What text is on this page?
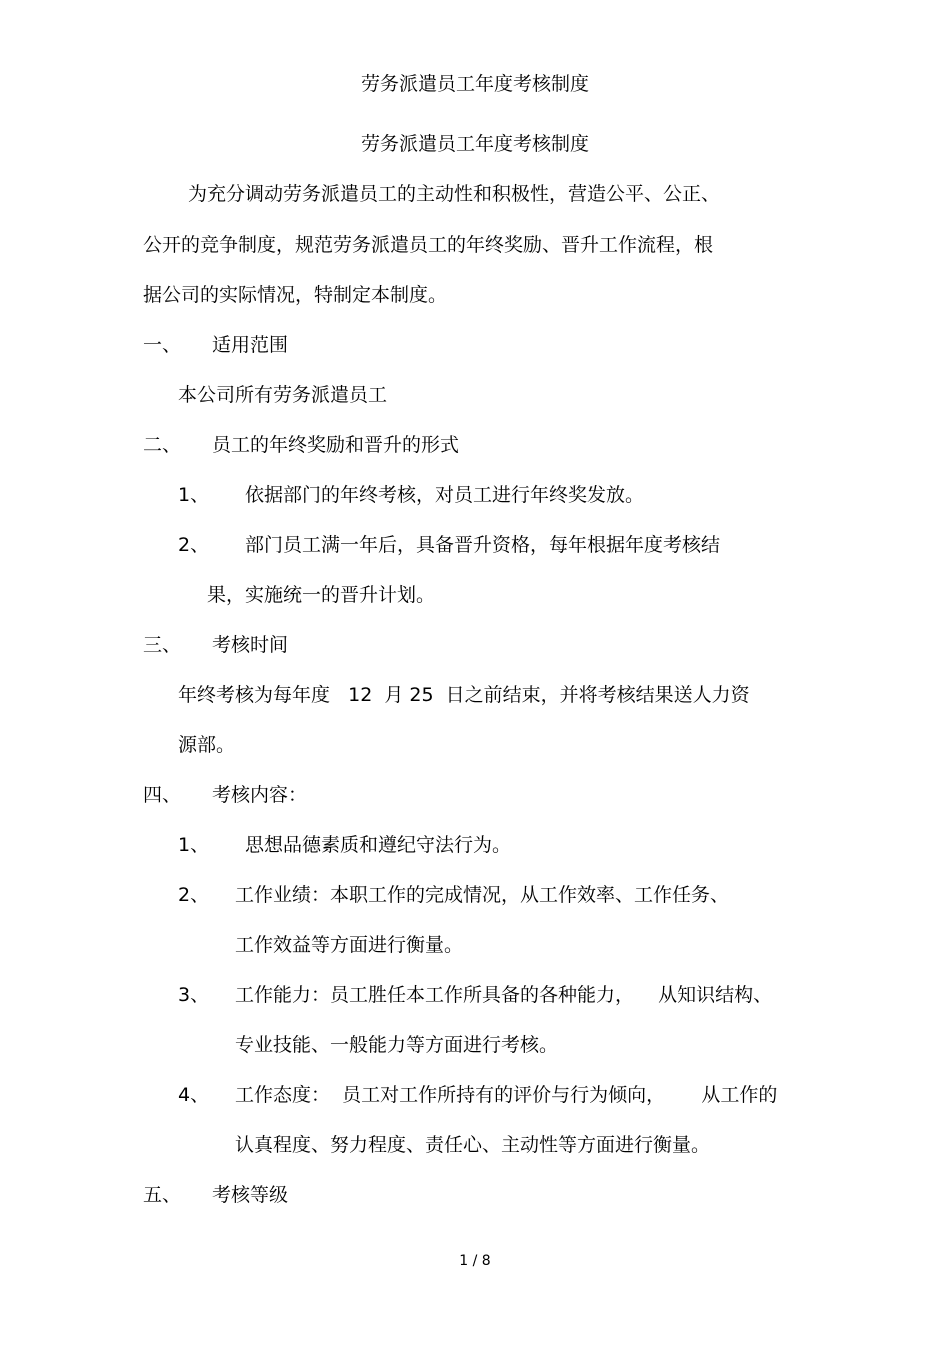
劳务派遣员工年度考核制度
劳务派遣员工年度考核制度
为充分调动劳务派遣员工的主动性和积极性，营造公平、公正、
公开的竞争制度，规范劳务派遣员工的年终奖励、晋升工作流程，根
据公司的实际情况，特制定本制度。
一、 适用范围
本公司所有劳务派遣员工
二、 员工的年终奖励和晋升的形式
1、 依据部门的年终考核，对员工进行年终奖发放。
2、 部门员工满一年后，具备晋升资格，每年根据年度考核结
果，实施统一的晋升计划。
三、 考核时间
年终考核为每年度   12  月 25  日之前结束，并将考核结果送人力资
源部。
四、 考核内容：
1、 思想品德素质和遵纪守法行为。
2、 工作业绩：本职工作的完成情况，从工作效率、工作任务、
工作效益等方面进行衡量。
3、 工作能力：员工胜任本工作所具备的各种能力，    从知识结构、
专业技能、一般能力等方面进行考核。
4、 工作态度：  员工对工作所持有的评价与行为倾向，      从工作的
认真程度、努力程度、责任心、主动性等方面进行衡量。
五、 考核等级
1 / 8
